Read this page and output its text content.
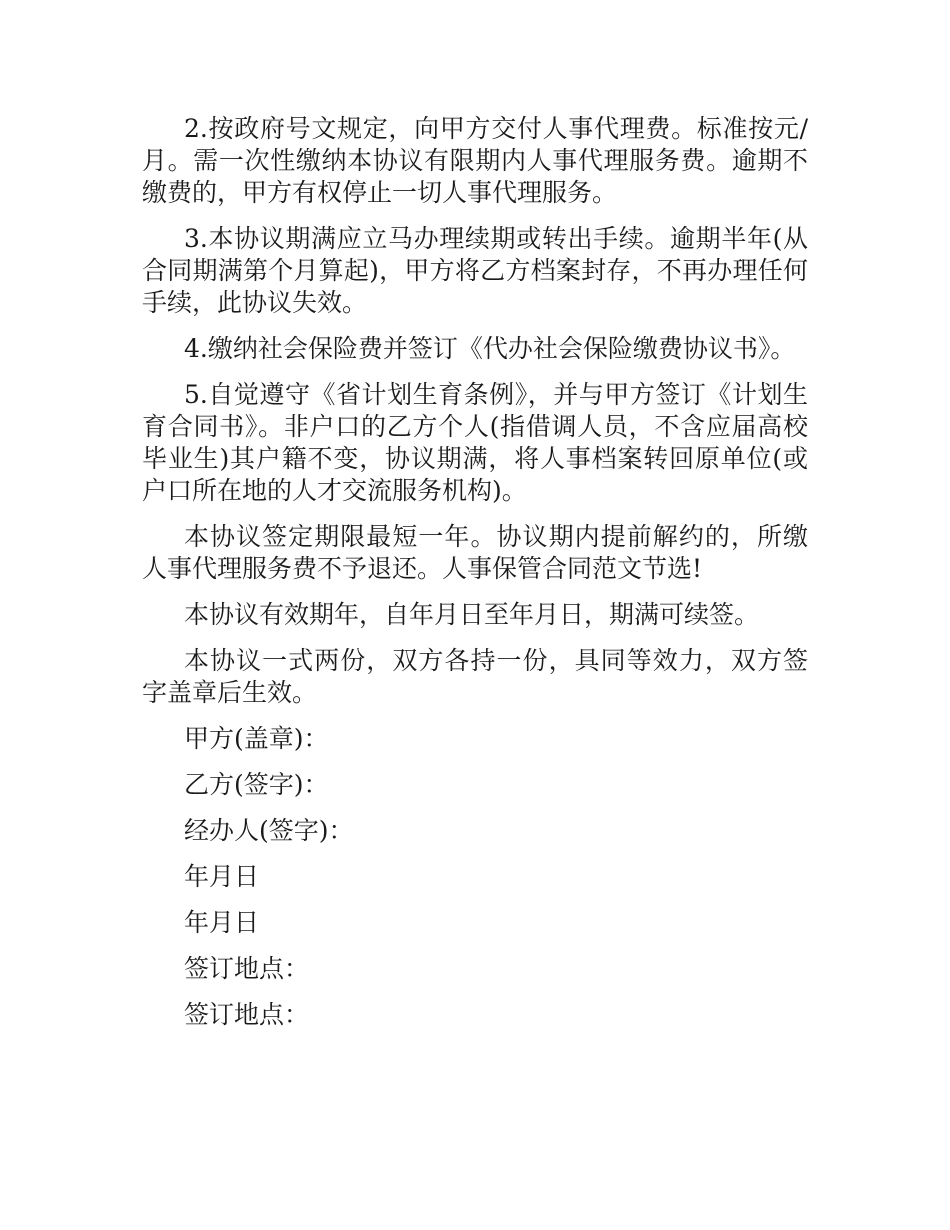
2.按政府号文规定，向甲方交付人事代理费。标准按元/月。需一次性缴纳本协议有限期内人事代理服务费。逾期不缴费的，甲方有权停止一切人事代理服务。

3.本协议期满应立马办理续期或转出手续。逾期半年(从合同期满第个月算起)，甲方将乙方档案封存，不再办理任何手续，此协议失效。

4.缴纳社会保险费并签订《代办社会保险缴费协议书》。

5.自觉遵守《省计划生育条例》，并与甲方签订《计划生育合同书》。非户口的乙方个人(指借调人员，不含应届高校毕业生)其户籍不变，协议期满，将人事档案转回原单位(或户口所在地的人才交流服务机构)。

本协议签定期限最短一年。协议期内提前解约的，所缴人事代理服务费不予退还。人事保管合同范文节选!

本协议有效期年，自年月日至年月日，期满可续签。

本协议一式两份，双方各持一份，具同等效力，双方签字盖章后生效。

甲方(盖章)：

乙方(签字)：

经办人(签字)：

年月日

年月日

签订地点：

签订地点：
